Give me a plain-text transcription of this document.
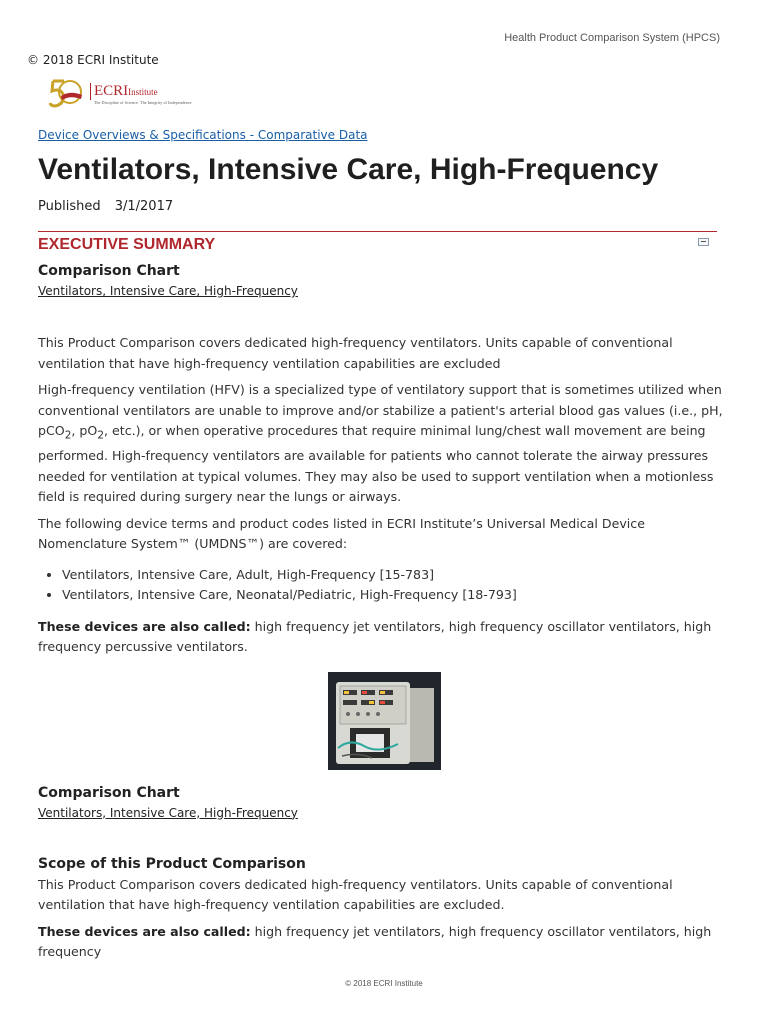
Health Product Comparison System (HPCS)
© 2018 ECRI Institute
ECRIInstitute
The Discipline of Science. The Integrity of Independence.
Device Overviews & Specifications - Comparative Data
Ventilators, Intensive Care, High-Frequency
Published 3/1/2017
EXECUTIVE SUMMARY
Comparison Chart
Ventilators, Intensive Care, High-Frequency

This Product Comparison covers dedicated high-frequency ventilators. Units capable of conventional ventilation that have high-frequency ventilation capabilities are excluded

High-frequency ventilation (HFV) is a specialized type of ventilatory support that is sometimes utilized when conventional ventilators are unable to improve and/or stabilize a patient's arterial blood gas values (i.e., pH, pCO$_2$, $pO_2$, etc.), or when operative procedures that require minimal lung/chest wall movement are being performed. High-frequency ventilators are available for patients who cannot tolerate the airway pressures needed for ventilation at typical volumes. They may also be used to support ventilation when a motionless field is required during surgery near the lungs or airways.

The following device terms and product codes listed in ECRI Institute’s Universal Medical Device Nomenclature System™ (UMDNS™) are covered:

• Ventilators, Intensive Care, Adult, High-Frequency [15-783]
• Ventilators, Intensive Care, Neonatal/Pediatric, High-Frequency [18-793]

These devices are also called: high frequency jet ventilators, high frequency oscillator ventilators, high frequency percussive ventilators.

Comparison Chart
Ventilators, Intensive Care, High-Frequency
Scope of this Product Comparison

This Product Comparison covers dedicated high-frequency ventilators. Units capable of conventional ventilation that have high-frequency ventilation capabilities are excluded.

These devices are also called: high frequency jet ventilators, high frequency oscillator ventilators, high frequency

© 2018 ECRI Institute
